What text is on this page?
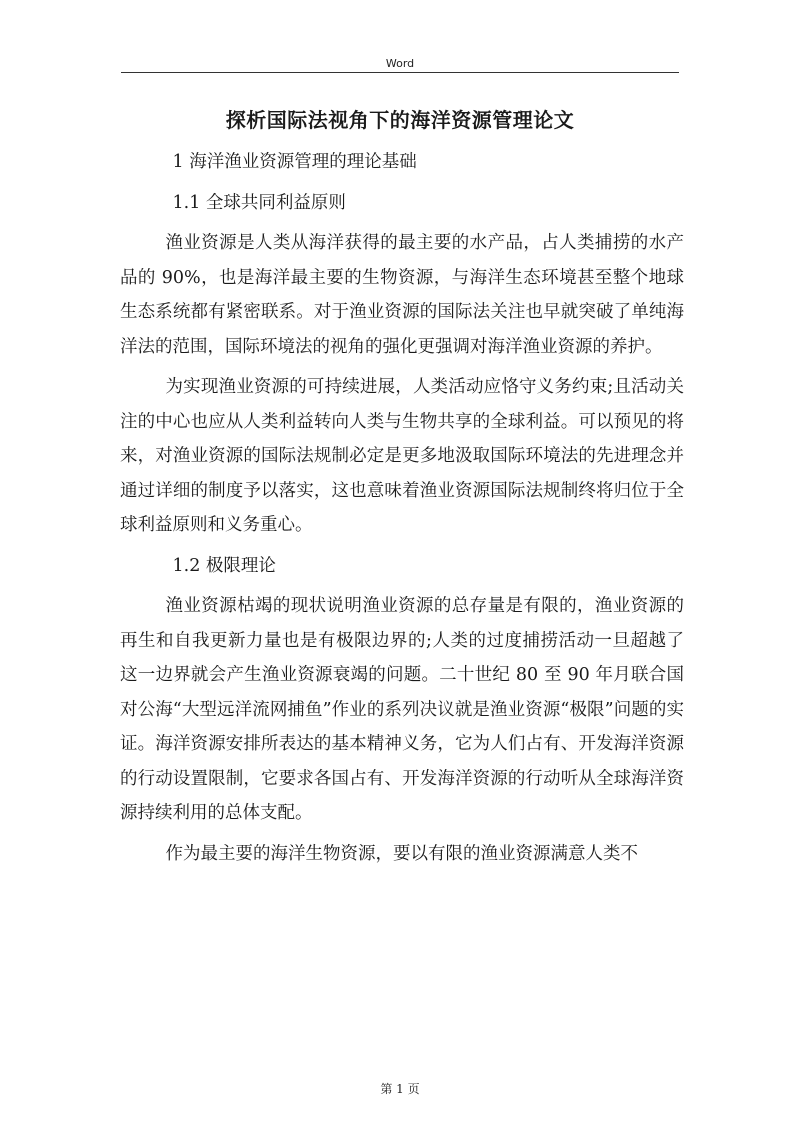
Word
探析国际法视角下的海洋资源管理论文

1 海洋渔业资源管理的理论基础

1.1 全球共同利益原则

渔业资源是人类从海洋获得的最主要的水产品，占人类捕捞的水产品的 90%，也是海洋最主要的生物资源，与海洋生态环境甚至整个地球生态系统都有紧密联系。对于渔业资源的国际法关注也早就突破了单纯海洋法的范围，国际环境法的视角的强化更强调对海洋渔业资源的养护。

为实现渔业资源的可持续进展，人类活动应恪守义务约束;且活动关注的中心也应从人类利益转向人类与生物共享的全球利益。可以预见的将来，对渔业资源的国际法规制必定是更多地汲取国际环境法的先进理念并通过详细的制度予以落实，这也意味着渔业资源国际法规制终将归位于全球利益原则和义务重心。

1.2 极限理论

渔业资源枯竭的现状说明渔业资源的总存量是有限的，渔业资源的再生和自我更新力量也是有极限边界的;人类的过度捕捞活动一旦超越了这一边界就会产生渔业资源衰竭的问题。二十世纪 80 至 90 年月联合国对公海“大型远洋流网捕鱼”作业的系列决议就是渔业资源“极限”问题的实证。海洋资源安排所表达的基本精神义务，它为人们占有、开发海洋资源的行动设置限制，它要求各国占有、开发海洋资源的行动听从全球海洋资源持续利用的总体支配。

作为最主要的海洋生物资源，要以有限的渔业资源满意人类不

第 1 页
